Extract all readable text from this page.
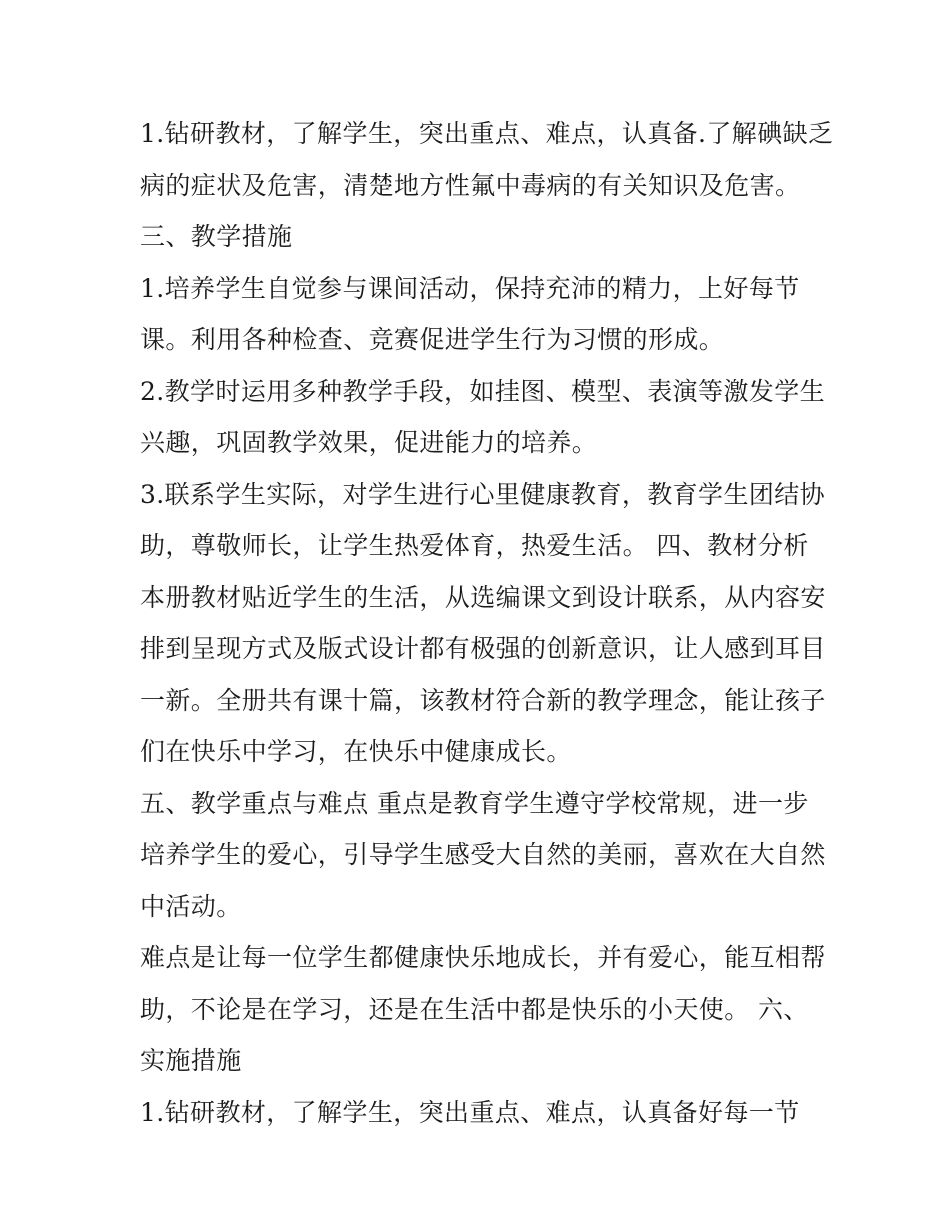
1.钻研教材，了解学生，突出重点、难点，认真备.了解碘缺乏
病的症状及危害，清楚地方性氟中毒病的有关知识及危害。
三、教学措施
1.培养学生自觉参与课间活动，保持充沛的精力，上好每节
课。利用各种检查、竞赛促进学生行为习惯的形成。
2.教学时运用多种教学手段，如挂图、模型、表演等激发学生
兴趣，巩固教学效果，促进能力的培养。
3.联系学生实际，对学生进行心里健康教育，教育学生团结协
助，尊敬师长，让学生热爱体育，热爱生活。 四、教材分析
本册教材贴近学生的生活，从选编课文到设计联系，从内容安
排到呈现方式及版式设计都有极强的创新意识，让人感到耳目
一新。全册共有课十篇，该教材符合新的教学理念，能让孩子
们在快乐中学习，在快乐中健康成长。
五、教学重点与难点 重点是教育学生遵守学校常规，进一步
培养学生的爱心，引导学生感受大自然的美丽，喜欢在大自然
中活动。
难点是让每一位学生都健康快乐地成长，并有爱心，能互相帮
助，不论是在学习，还是在生活中都是快乐的小天使。 六、
实施措施
1.钻研教材，了解学生，突出重点、难点，认真备好每一节
